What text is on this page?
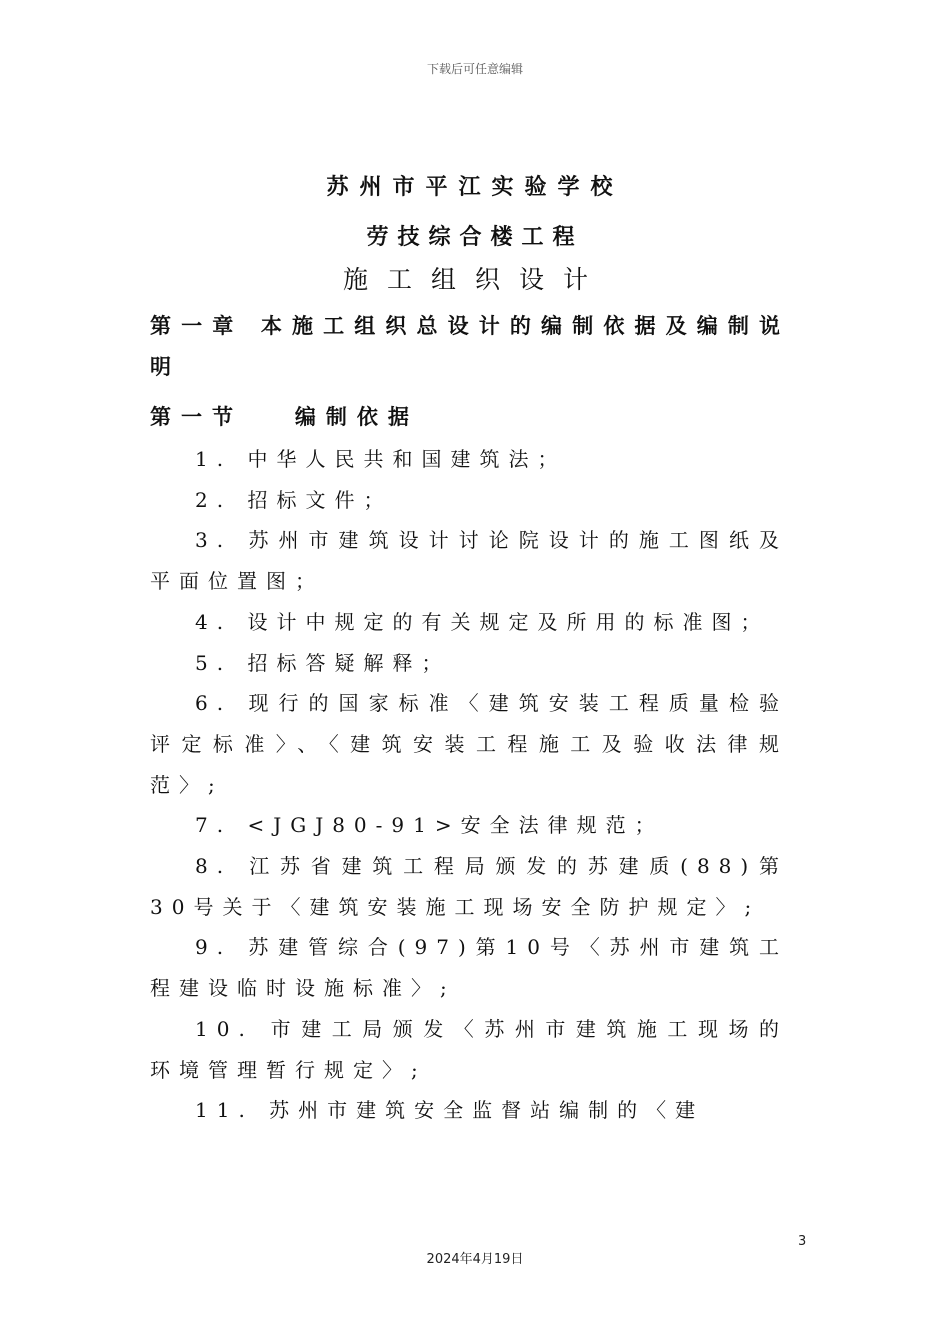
下载后可任意编辑
苏州市平江实验学校
劳技综合楼工程
施工组织设计
第一章 本施工组织总设计的编制依据及编制说明
第一节   编制依据

1. 中华人民共和国建筑法；

2. 招标文件；

3. 苏州市建筑设计讨论院设计的施工图纸及平面位置图；

4. 设计中规定的有关规定及所用的标准图；

5. 招标答疑解释；

6. 现行的国家标准〈建筑安装工程质量检验评定标准〉、〈建筑安装工程施工及验收法律规范〉;

7. <JGJ80-91>安全法律规范；

8. 江苏省建筑工程局颁发的苏建质(88)第30号关于〈建筑安装施工现场安全防护规定〉;

9. 苏建管综合(97)第10号〈苏州市建筑工程建设临时设施标准〉;

10. 市建工局颁发〈苏州市建筑施工现场的环境管理暂行规定〉;

11. 苏州市建筑安全监督站编制的〈建

3
2024年4月19日
